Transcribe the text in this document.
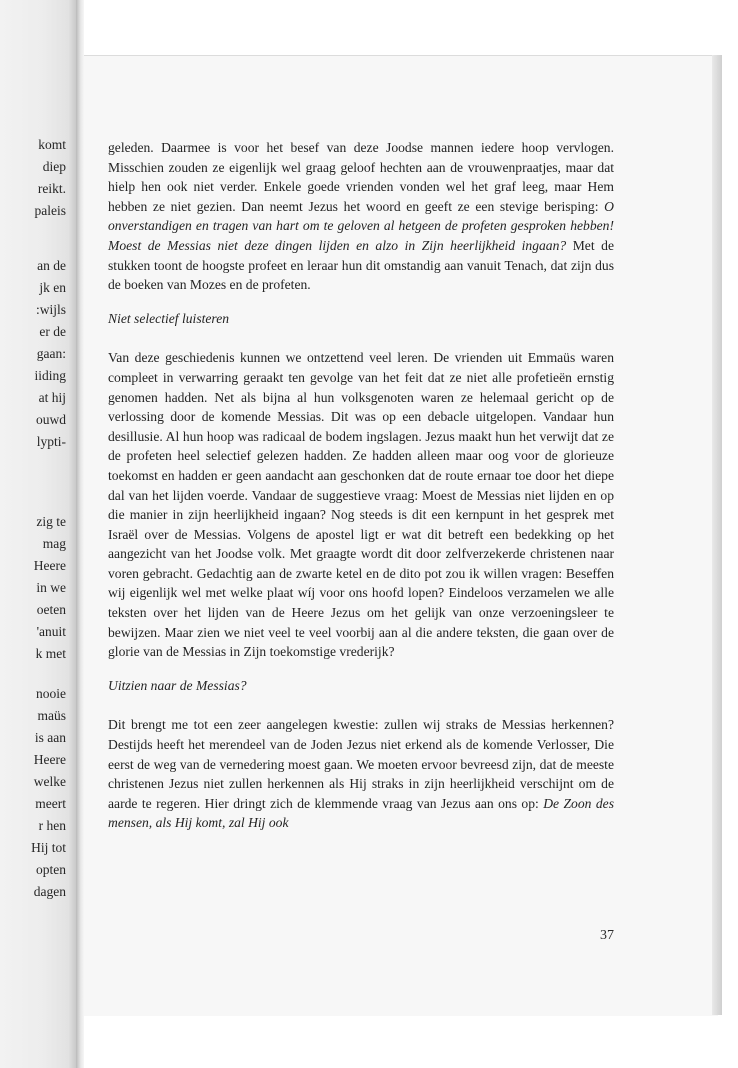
komt
diep
reikt.
paleis
an de
jk en
:wijls
er de
gaan:
iiding
at hij
ouwd
lypti-
zig te
mag
Heere
in we
oeten
'anuit
k met
nooie
maüs
is aan
Heere
welke
meert
r hen
Hij tot
opten
dagen

geleden. Daarmee is voor het besef van deze Joodse mannen iedere hoop vervlogen. Misschien zouden ze eigenlijk wel graag geloof hechten aan de vrouwenpraatjes, maar dat hielp hen ook niet verder. Enkele goede vrienden vonden wel het graf leeg, maar Hem hebben ze niet gezien. Dan neemt Jezus het woord en geeft ze een stevige berisping: O onverstandigen en tragen van hart om te geloven al hetgeen de profeten gesproken hebben! Moest de Messias niet deze dingen lijden en alzo in Zijn heerlijkheid ingaan? Met de stukken toont de hoogste profeet en leraar hun dit omstandig aan vanuit Tenach, dat zijn dus de boeken van Mozes en de profeten.

Niet selectief luisteren

Van deze geschiedenis kunnen we ontzettend veel leren. De vrienden uit Emmaüs waren compleet in verwarring geraakt ten gevolge van het feit dat ze niet alle profetieën ernstig genomen hadden. Net als bijna al hun volksgenoten waren ze helemaal gericht op de verlossing door de komende Messias. Dit was op een debacle uitgelopen. Vandaar hun desillusie. Al hun hoop was radicaal de bodem ingslagen. Jezus maakt hun het verwijt dat ze de profeten heel selectief gelezen hadden. Ze hadden alleen maar oog voor de glorieuze toekomst en hadden er geen aandacht aan geschonken dat de route ernaar toe door het diepe dal van het lijden voerde. Vandaar de suggestieve vraag: Moest de Messias niet lijden en op die manier in zijn heerlijkheid ingaan? Nog steeds is dit een kernpunt in het gesprek met Israël over de Messias. Volgens de apostel ligt er wat dit betreft een bedekking op het aangezicht van het Joodse volk. Met graagte wordt dit door zelfverzekerde christenen naar voren gebracht. Gedachtig aan de zwarte ketel en de dito pot zou ik willen vragen: Beseffen wij eigenlijk wel met welke plaat wíj voor ons hoofd lopen? Eindeloos verzamelen we alle teksten over het lijden van de Heere Jezus om het gelijk van onze verzoeningsleer te bewijzen. Maar zien we niet veel te veel voorbij aan al die andere teksten, die gaan over de glorie van de Messias in Zijn toekomstige vrederijk?

Uitzien naar de Messias?

Dit brengt me tot een zeer aangelegen kwestie: zullen wij straks de Messias herkennen? Destijds heeft het merendeel van de Joden Jezus niet erkend als de komende Verlosser, Die eerst de weg van de vernedering moest gaan. We moeten ervoor bevreesd zijn, dat de meeste christenen Jezus niet zullen herkennen als Hij straks in zijn heerlijkheid verschijnt om de aarde te regeren. Hier dringt zich de klemmende vraag van Jezus aan ons op: De Zoon des mensen, als Hij komt, zal Hij ook

37
